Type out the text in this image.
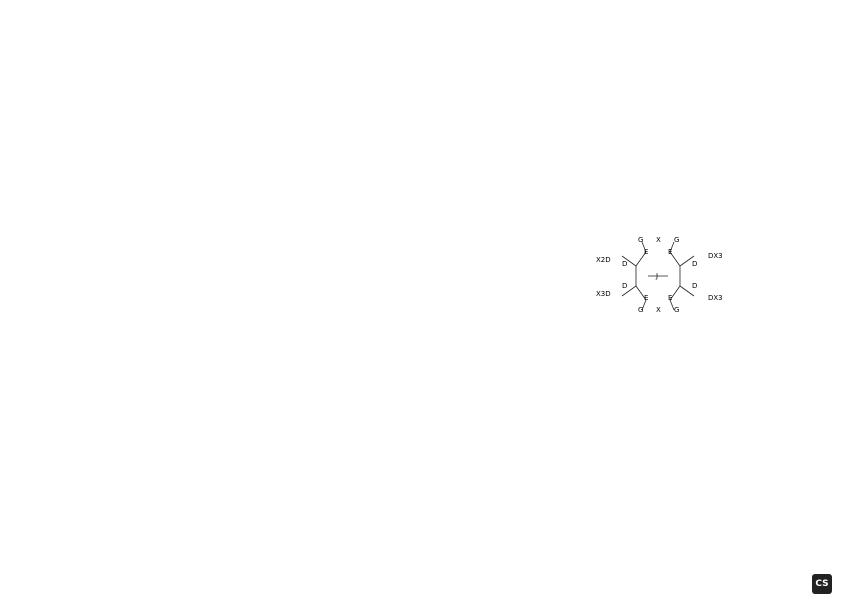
G X G
E	E
E	E
G X G
D
D
D
D
J
X2D
X3D
DX3
DX3
CS
